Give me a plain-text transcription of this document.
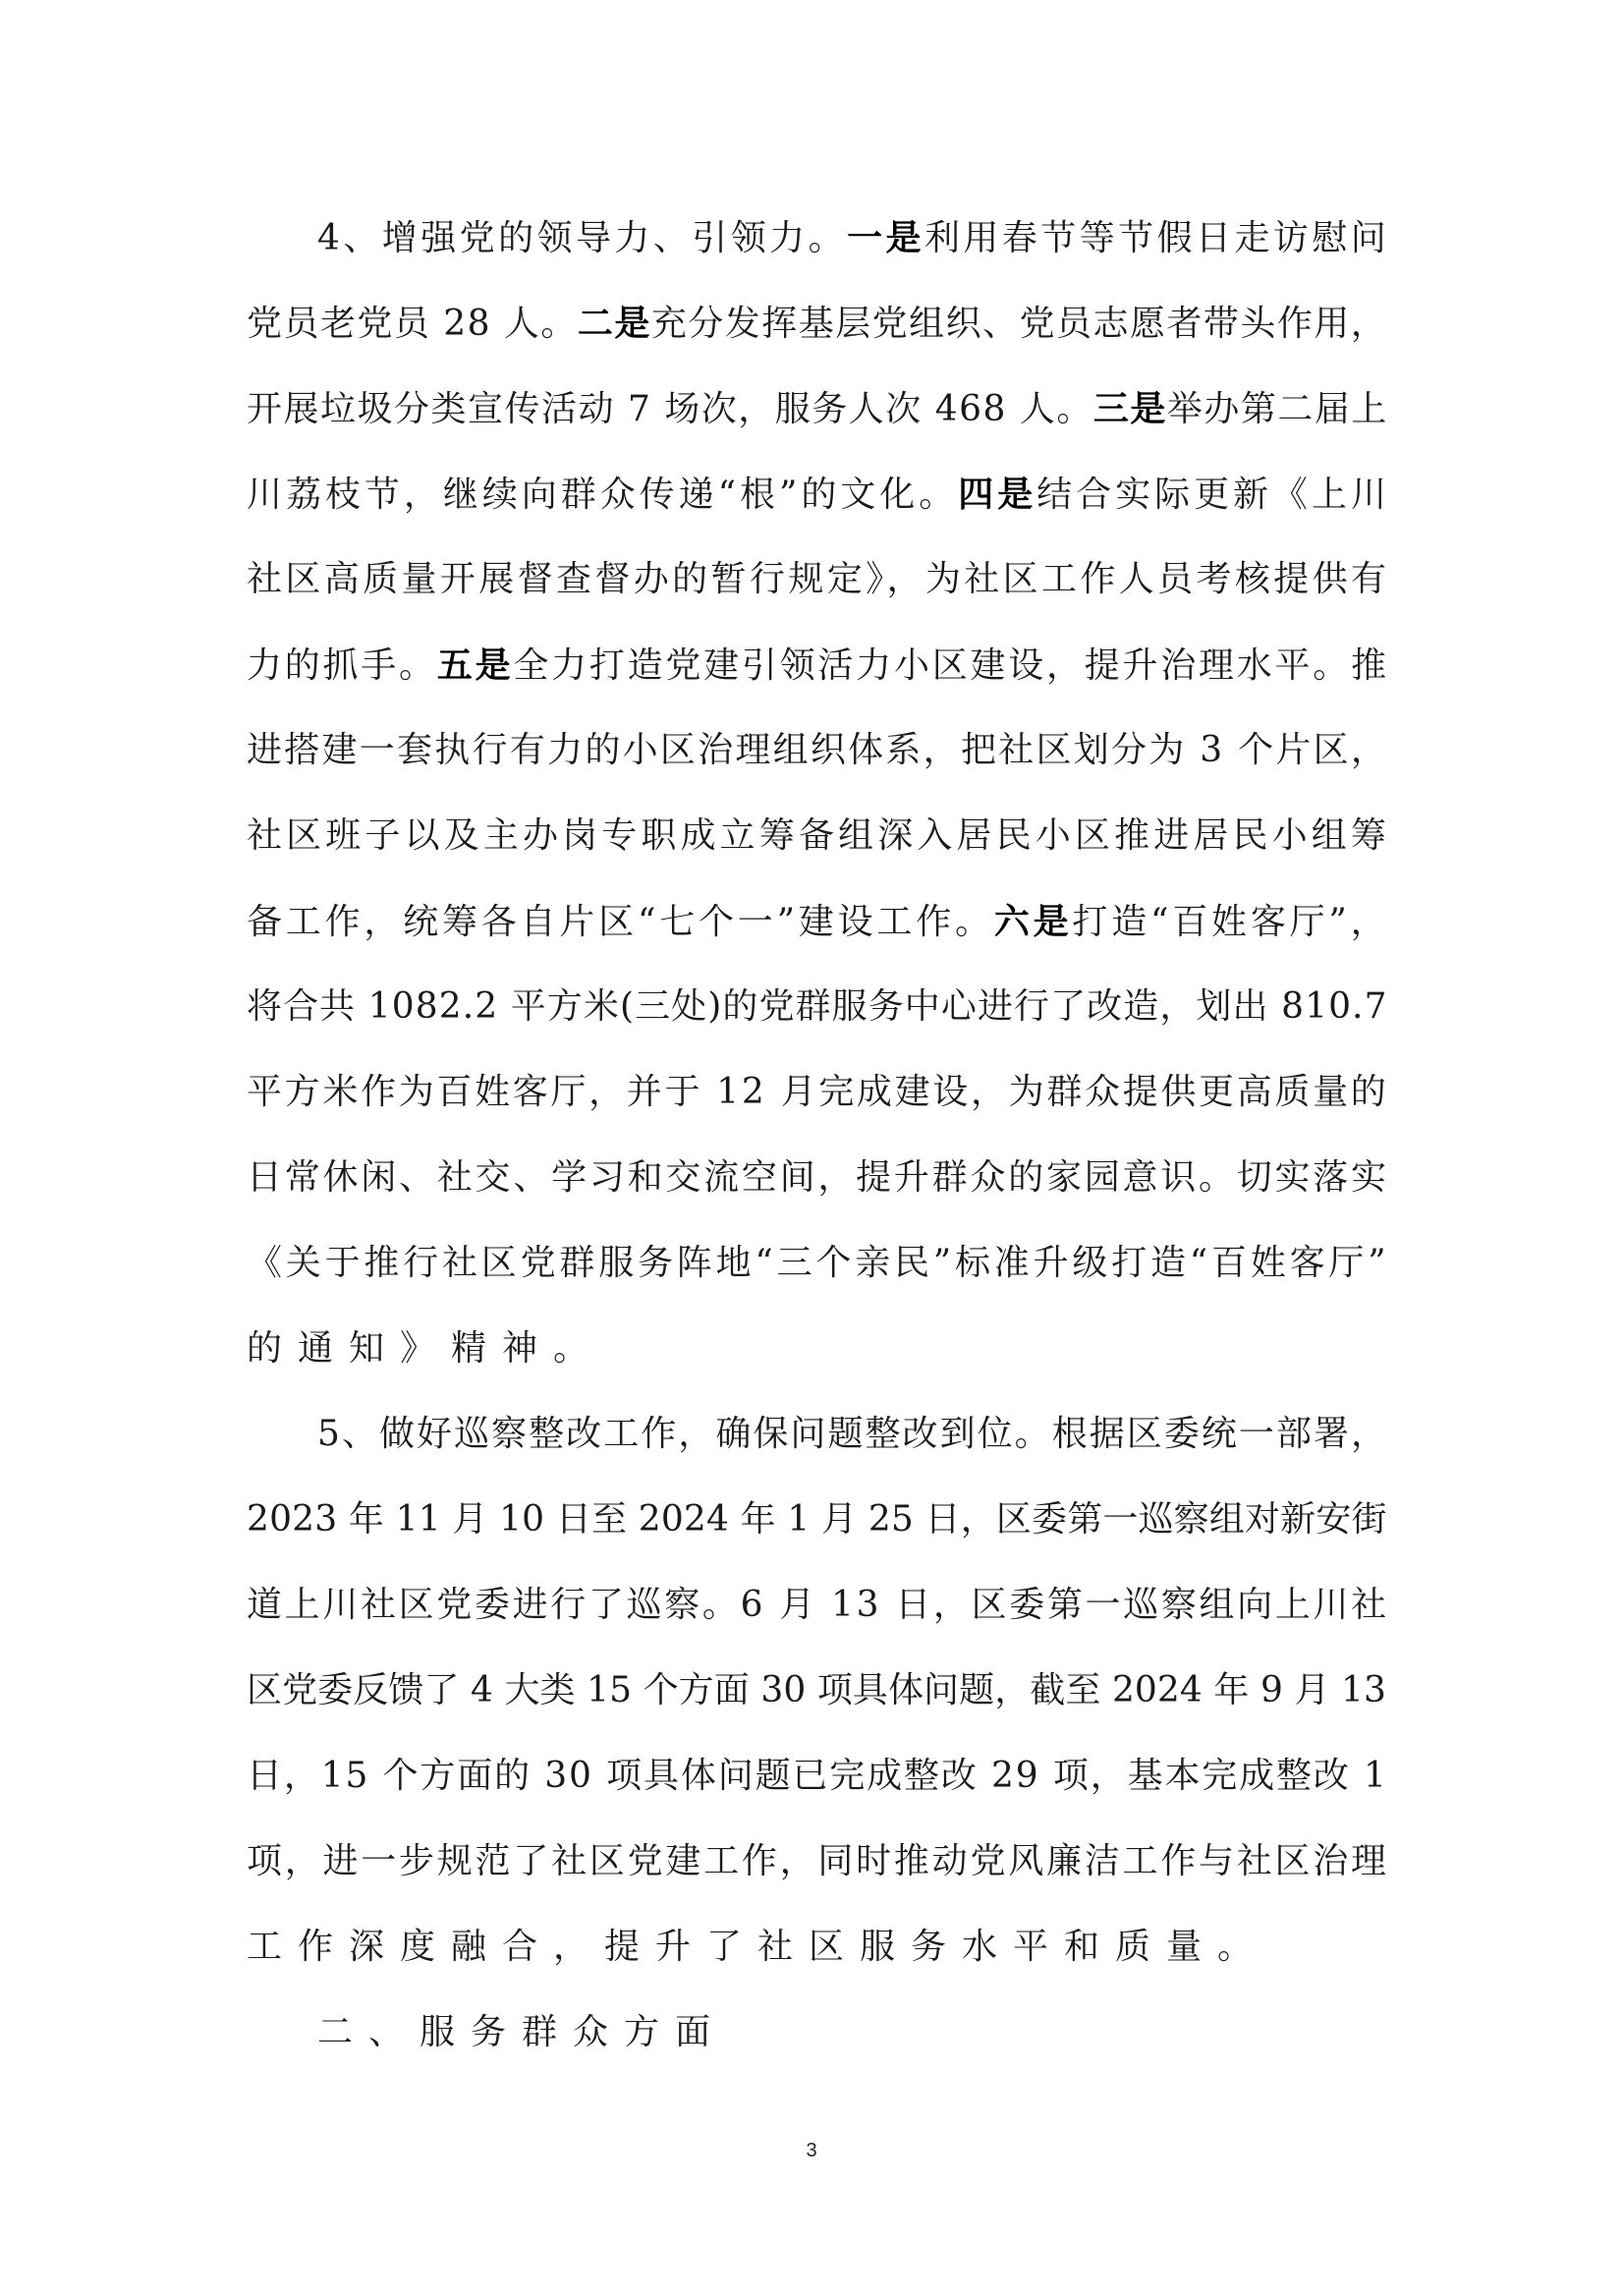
4、增强党的领导力、引领力。一是利用春节等节假日走访慰问
党员老党员 28 人。二是充分发挥基层党组织、党员志愿者带头作用，
开展垃圾分类宣传活动 7 场次，服务人次 468 人。三是举办第二届上
川荔枝节，继续向群众传递“根”的文化。四是结合实际更新《上川
社区高质量开展督查督办的暂行规定》，为社区工作人员考核提供有
力的抓手。五是全力打造党建引领活力小区建设，提升治理水平。推
进搭建一套执行有力的小区治理组织体系，把社区划分为 3 个片区，
社区班子以及主办岗专职成立筹备组深入居民小区推进居民小组筹
备工作，统筹各自片区“七个一”建设工作。六是打造“百姓客厅”，
将合共 1082.2 平方米(三处)的党群服务中心进行了改造，划出 810.7
平方米作为百姓客厅，并于 12 月完成建设，为群众提供更高质量的
日常休闲、社交、学习和交流空间，提升群众的家园意识。切实落实
《关于推行社区党群服务阵地“三个亲民”标准升级打造“百姓客厅”
的通知》精神。
5、做好巡察整改工作，确保问题整改到位。根据区委统一部署，
2023 年 11 月 10 日至 2024 年 1 月 25 日，区委第一巡察组对新安街
道上川社区党委进行了巡察。6 月 13 日，区委第一巡察组向上川社
区党委反馈了 4 大类 15 个方面 30 项具体问题，截至 2024 年 9 月 13
日，15 个方面的 30 项具体问题已完成整改 29 项，基本完成整改 1
项，进一步规范了社区党建工作，同时推动党风廉洁工作与社区治理
工作深度融合，提升了社区服务水平和质量。
二、服务群众方面
3
